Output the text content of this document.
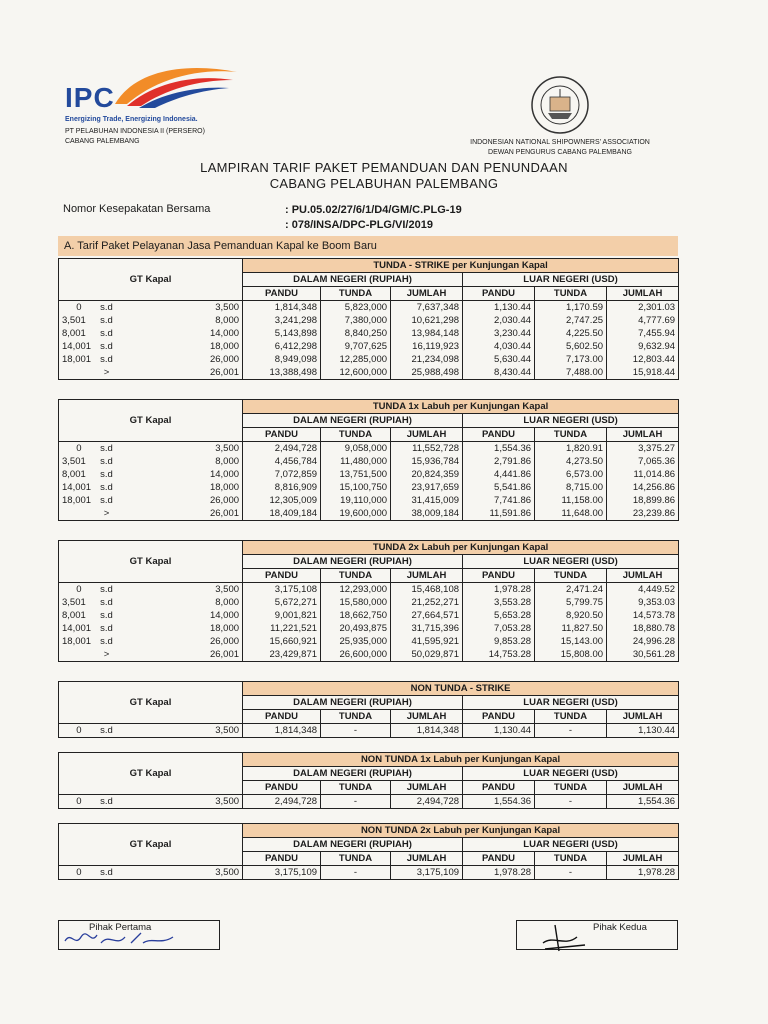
IPC
Energizing Trade, Energizing Indonesia.
PT PELABUHAN INDONESIA II (PERSERO)
CABANG PALEMBANG	INDONESIAN NATIONAL SHIPOWNERS' ASSOCIATION
DEWAN PENGURUS CABANG PALEMBANG
LAMPIRAN TARIF PAKET PEMANDUAN DAN PENUNDAAN
CABANG PELABUHAN PALEMBANG
Nomor Kesepakatan Bersama	: PU.05.02/27/6/1/D4/GM/C.PLG-19
: 078/INSA/DPC-PLG/VI/2019
A. Tarif Paket Pelayanan Jasa Pemanduan Kapal ke Boom Baru
GT Kapal			TUNDA - STRIKE per Kunjungan Kapal					
			DALAM NEGERI (RUPIAH)			LUAR NEGERI (USD)		
			PANDU	TUNDA	JUMLAH	PANDU	TUNDA	JUMLAH
0	s.d	3,500	1,814,348	5,823,000	7,637,348	1,130.44	1,170.59	2,301.03
3,501	s.d	8,000	3,241,298	7,380,000	10,621,298	2,030.44	2,747.25	4,777.69
8,001	s.d	14,000	5,143,898	8,840,250	13,984,148	3,230.44	4,225.50	7,455.94
14,001	s.d	18,000	6,412,298	9,707,625	16,119,923	4,030.44	5,602.50	9,632.94
18,001	s.d	26,000	8,949,098	12,285,000	21,234,098	5,630.44	7,173.00	12,803.44
	>	26,001	13,388,498	12,600,000	25,988,498	8,430.44	7,488.00	15,918.44
GT Kapal			TUNDA 1x Labuh per Kunjungan Kapal					
			DALAM NEGERI (RUPIAH)			LUAR NEGERI (USD)		
			PANDU	TUNDA	JUMLAH	PANDU	TUNDA	JUMLAH
0	s.d	3,500	2,494,728	9,058,000	11,552,728	1,554.36	1,820.91	3,375.27
3,501	s.d	8,000	4,456,784	11,480,000	15,936,784	2,791.86	4,273.50	7,065.36
8,001	s.d	14,000	7,072,859	13,751,500	20,824,359	4,441.86	6,573.00	11,014.86
14,001	s.d	18,000	8,816,909	15,100,750	23,917,659	5,541.86	8,715.00	14,256.86
18,001	s.d	26,000	12,305,009	19,110,000	31,415,009	7,741.86	11,158.00	18,899.86
	>	26,001	18,409,184	19,600,000	38,009,184	11,591.86	11,648.00	23,239.86
GT Kapal			TUNDA 2x Labuh per Kunjungan Kapal					
			DALAM NEGERI (RUPIAH)			LUAR NEGERI (USD)		
			PANDU	TUNDA	JUMLAH	PANDU	TUNDA	JUMLAH
0	s.d	3,500	3,175,108	12,293,000	15,468,108	1,978.28	2,471.24	4,449.52
3,501	s.d	8,000	5,672,271	15,580,000	21,252,271	3,553.28	5,799.75	9,353.03
8,001	s.d	14,000	9,001,821	18,662,750	27,664,571	5,653.28	8,920.50	14,573.78
14,001	s.d	18,000	11,221,521	20,493,875	31,715,396	7,053.28	11,827.50	18,880.78
18,001	s.d	26,000	15,660,921	25,935,000	41,595,921	9,853.28	15,143.00	24,996.28
	>	26,001	23,429,871	26,600,000	50,029,871	14,753.28	15,808.00	30,561.28
GT Kapal			NON TUNDA - STRIKE					
			DALAM NEGERI (RUPIAH)			LUAR NEGERI (USD)		
			PANDU	TUNDA	JUMLAH	PANDU	TUNDA	JUMLAH
0	s.d	3,500	1,814,348	-	1,814,348	1,130.44	-	1,130.44
GT Kapal			NON TUNDA 1x Labuh per Kunjungan Kapal					
			DALAM NEGERI (RUPIAH)			LUAR NEGERI (USD)		
			PANDU	TUNDA	JUMLAH	PANDU	TUNDA	JUMLAH
0	s.d	3,500	2,494,728	-	2,494,728	1,554.36	-	1,554.36
GT Kapal			NON TUNDA 2x Labuh per Kunjungan Kapal					
			DALAM NEGERI (RUPIAH)			LUAR NEGERI (USD)		
			PANDU	TUNDA	JUMLAH	PANDU	TUNDA	JUMLAH
0	s.d	3,500	3,175,109	-	3,175,109	1,978.28	-	1,978.28
Pihak Pertama	Pihak Kedua
